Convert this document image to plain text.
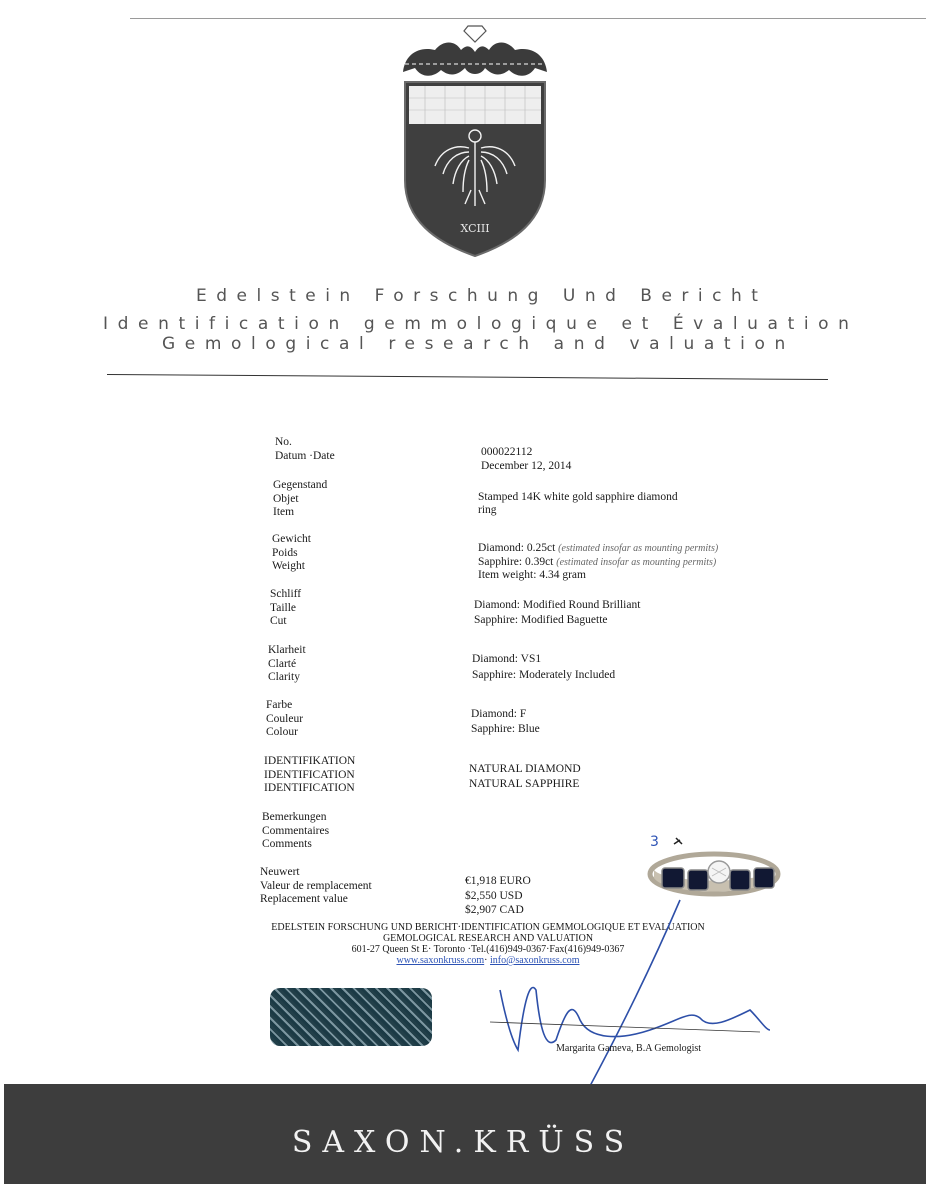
XCIII
Edelstein Forschung Und Bericht
Identification gemmologique et Évaluation
Gemological research and valuation
No.
Datum ·Date	000022112
December 12, 2014
Gegenstand
Objet
Item
Stamped 14K white gold sapphire diamond
ring
Gewicht
Poids
Weight
Diamond: 0.25ct (estimated insofar as mounting permits)
Sapphire: 0.39ct (estimated insofar as mounting permits)
Item weight: 4.34 gram
Schliff
Taille
Cut
Diamond: Modified Round Brilliant
Sapphire: Modified Baguette
Klarheit
Clarté
Clarity
Diamond: VS1
Sapphire: Moderately Included
Farbe
Couleur
Colour
Diamond: F
Sapphire: Blue
IDENTIFIKATION
IDENTIFICATION
IDENTIFICATION
NATURAL DIAMOND
NATURAL SAPPHIRE
Bemerkungen
Commentaires
Comments
Neuwert
Valeur de remplacement
Replacement value
€1,918 EURO
$2,550 USD
$2,907 CAD
3
EDELSTEIN FORSCHUNG UND BERICHT·IDENTIFICATION GEMMOLOGIQUE ET EVALUATION
GEMOLOGICAL RESEARCH AND VALUATION
601-27 Queen St E· Toronto ·Tel.(416)949-0367·Fax(416)949-0367
www.saxonkruss.com· info@saxonkruss.com
Margarita Gameva, B.A Gemologist
SAXON.KRÜSS
